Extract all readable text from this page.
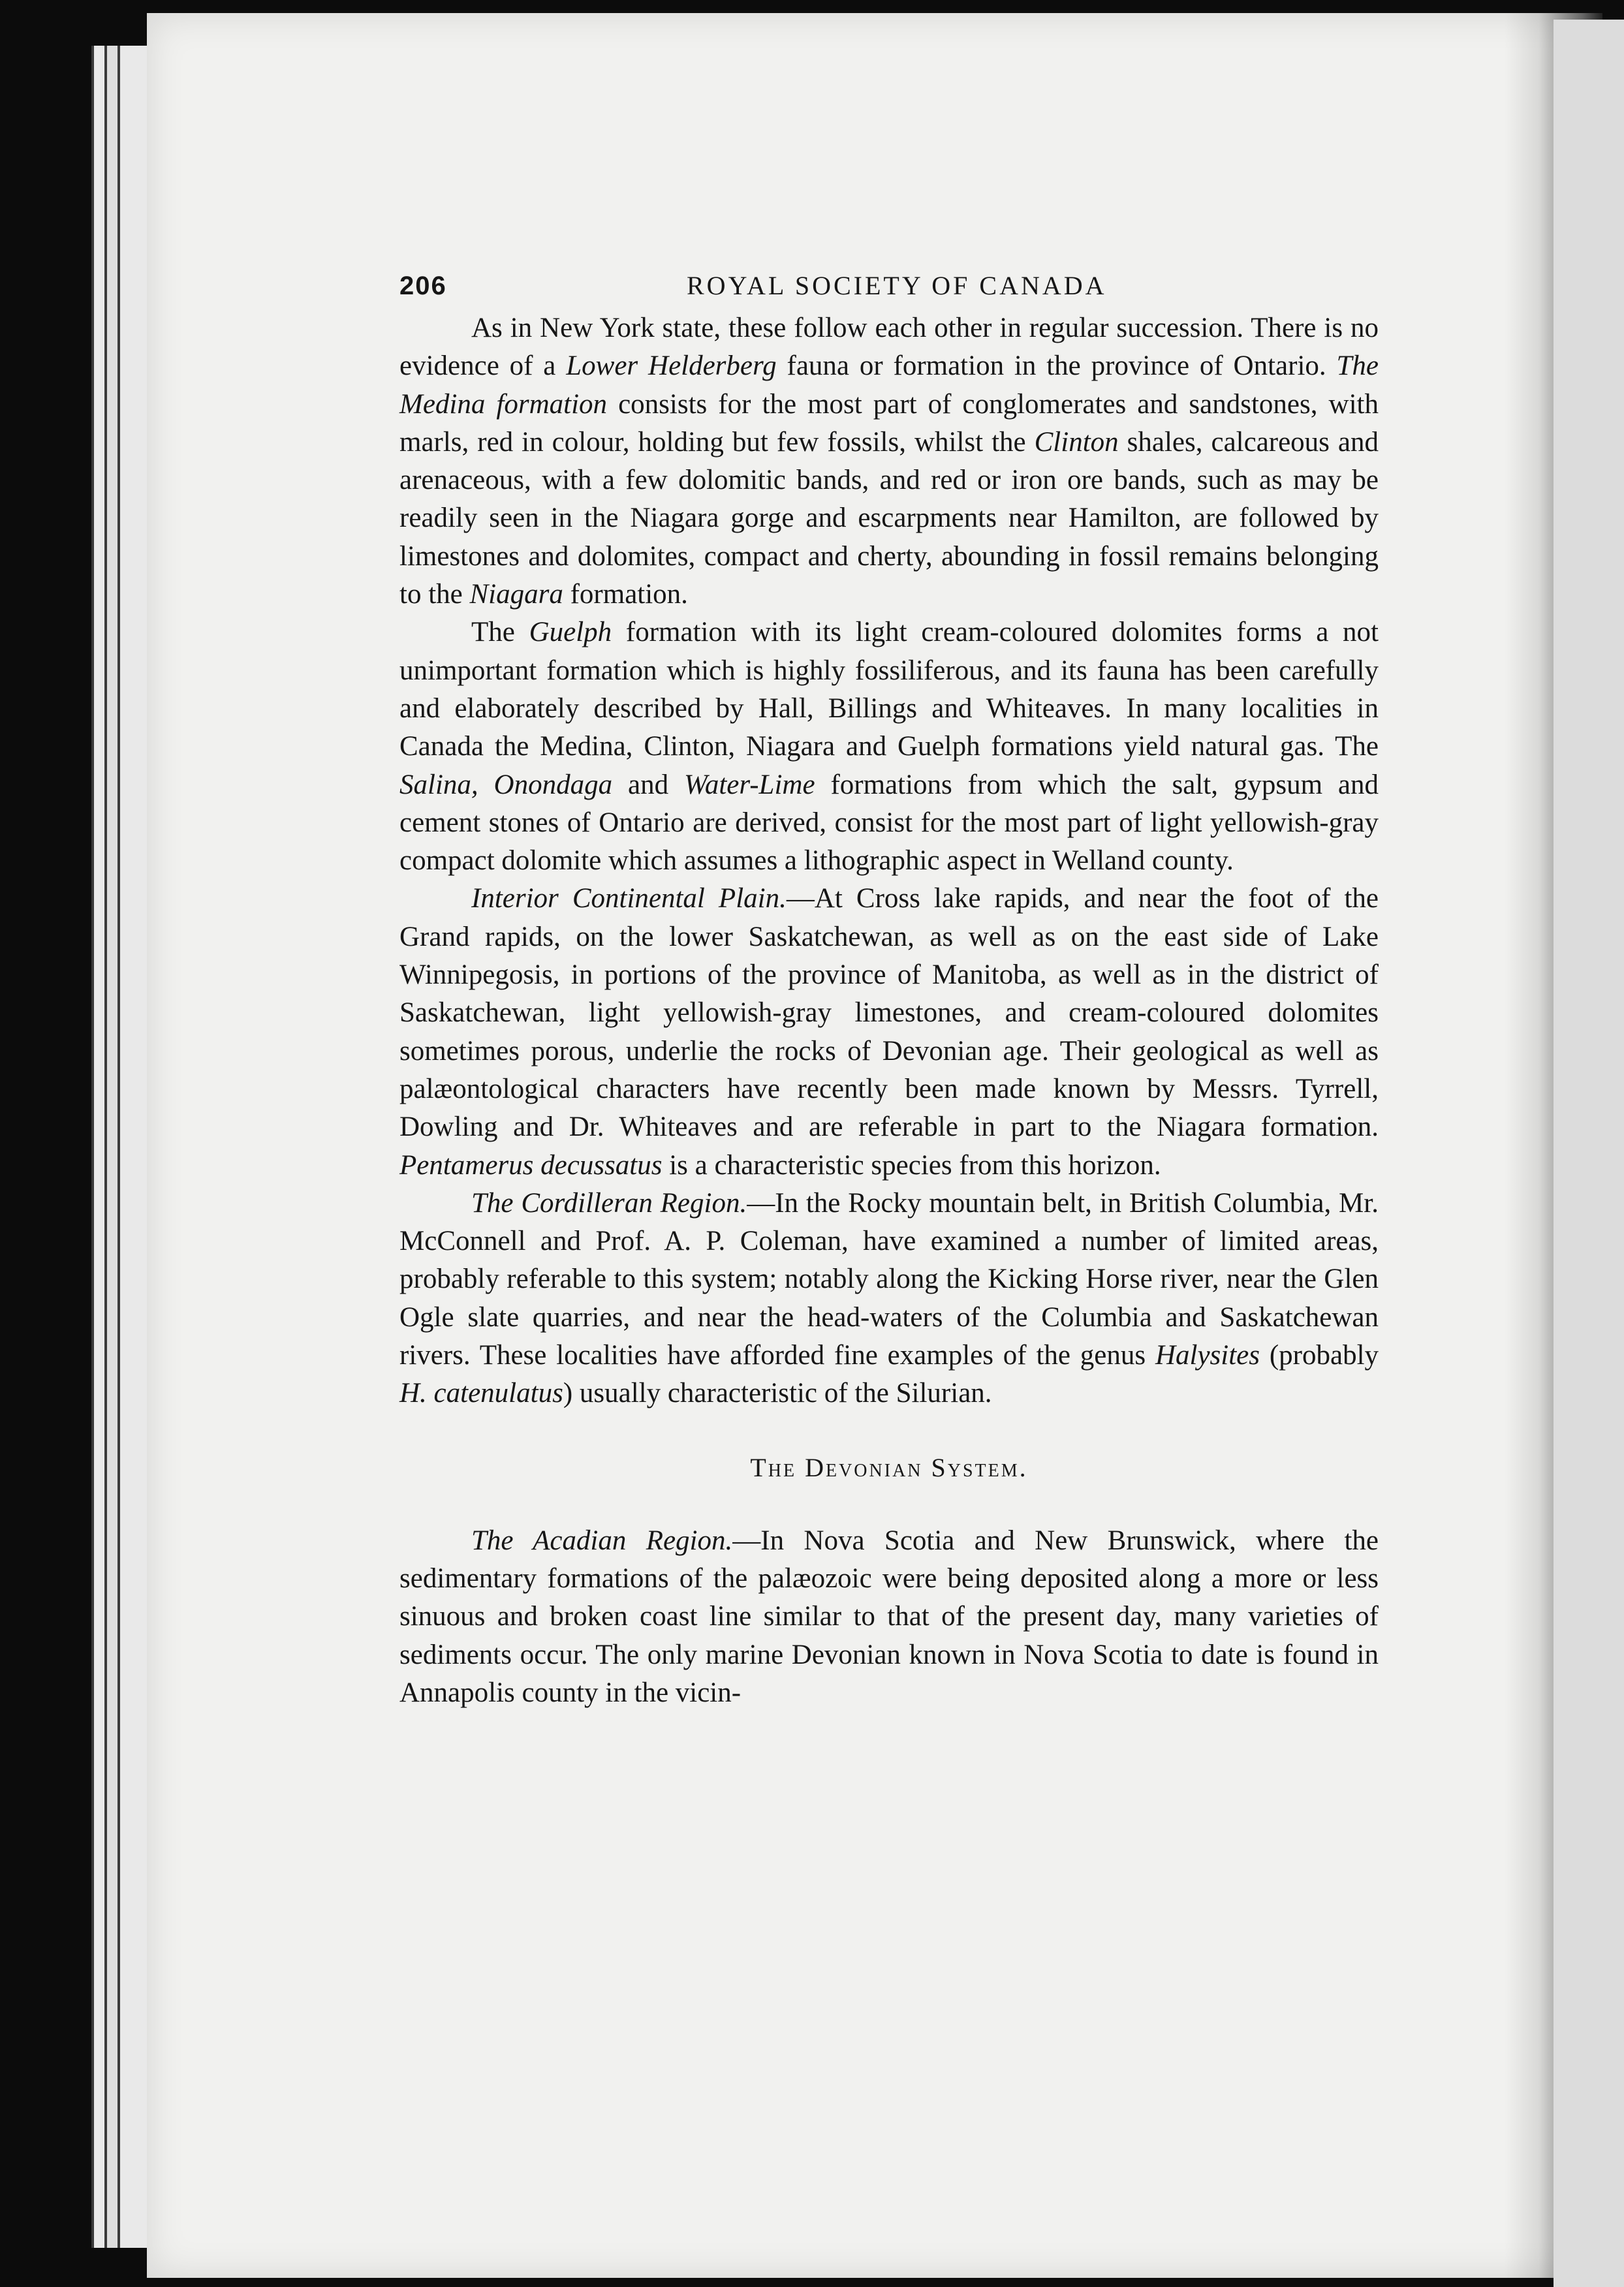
206	ROYAL SOCIETY OF CANADA

As in New York state, these follow each other in regular succession. There is no evidence of a Lower Helderberg fauna or formation in the province of Ontario. The Medina formation consists for the most part of conglomerates and sandstones, with marls, red in colour, holding but few fossils, whilst the Clinton shales, calcareous and arenaceous, with a few dolomitic bands, and red or iron ore bands, such as may be readily seen in the Niagara gorge and escarpments near Hamilton, are followed by limestones and dolomites, compact and cherty, abounding in fossil remains belonging to the Niagara formation.

The Guelph formation with its light cream-coloured dolomites forms a not unimportant formation which is highly fossiliferous, and its fauna has been carefully and elaborately described by Hall, Billings and Whiteaves. In many localities in Canada the Medina, Clinton, Niagara and Guelph formations yield natural gas. The Salina, Onondaga and Water-Lime formations from which the salt, gypsum and cement stones of Ontario are derived, consist for the most part of light yellowish-gray compact dolomite which assumes a lithographic aspect in Welland county.

Interior Continental Plain.—At Cross lake rapids, and near the foot of the Grand rapids, on the lower Saskatchewan, as well as on the east side of Lake Winnipegosis, in portions of the province of Manitoba, as well as in the district of Saskatchewan, light yellowish-gray limestones, and cream-coloured dolomites sometimes porous, underlie the rocks of Devonian age. Their geological as well as palæontological characters have recently been made known by Messrs. Tyrrell, Dowling and Dr. Whiteaves and are referable in part to the Niagara formation. Pentamerus decussatus is a characteristic species from this horizon.

The Cordilleran Region.—In the Rocky mountain belt, in British Columbia, Mr. McConnell and Prof. A. P. Coleman, have examined a number of limited areas, probably referable to this system; notably along the Kicking Horse river, near the Glen Ogle slate quarries, and near the head-waters of the Columbia and Saskatchewan rivers. These localities have afforded fine examples of the genus Halysites (probably H. catenulatus) usually characteristic of the Silurian.

The Devonian System.

The Acadian Region.—In Nova Scotia and New Brunswick, where the sedimentary formations of the palæozoic were being deposited along a more or less sinuous and broken coast line similar to that of the present day, many varieties of sediments occur. The only marine Devonian known in Nova Scotia to date is found in Annapolis county in the vicin-
